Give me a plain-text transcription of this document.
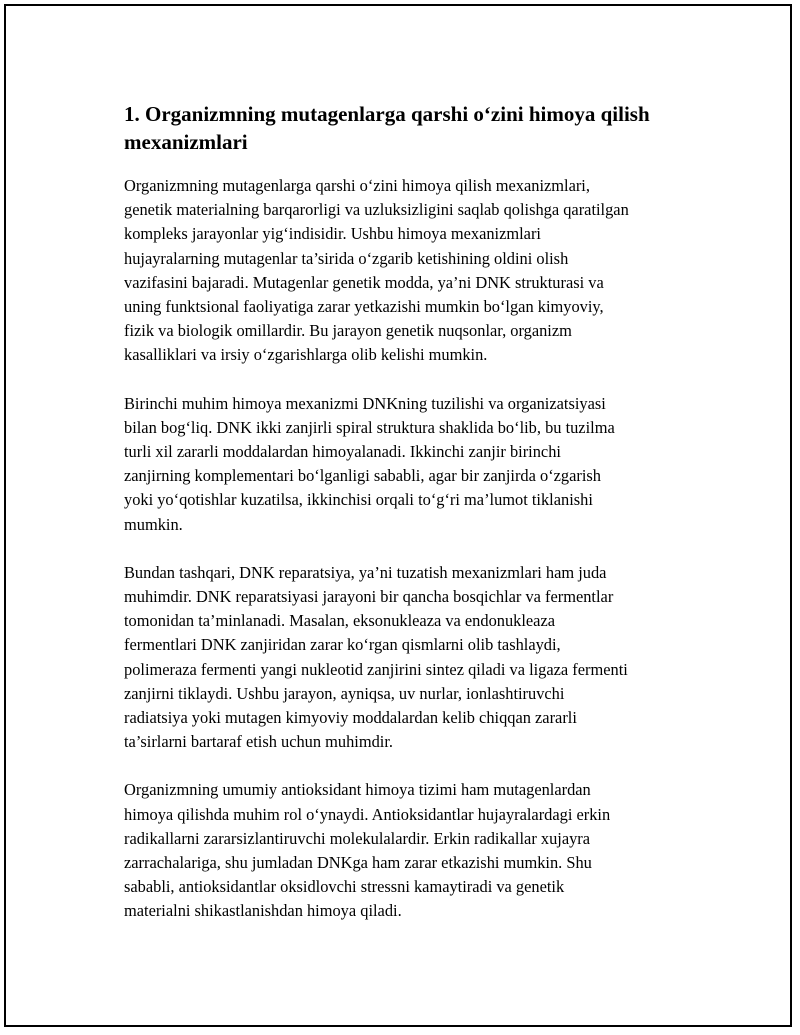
1. Organizmning mutagenlarga qarshi o‘zini himoya qilish mexanizmlari

Organizmning mutagenlarga qarshi o‘zini himoya qilish mexanizmlari,
genetik materialning barqarorligi va uzluksizligini saqlab qolishga qaratilgan
kompleks jarayonlar yig‘indisidir. Ushbu himoya mexanizmlari
hujayralarning mutagenlar ta’sirida o‘zgarib ketishining oldini olish
vazifasini bajaradi. Mutagenlar genetik modda, ya’ni DNK strukturasi va
uning funktsional faoliyatiga zarar yetkazishi mumkin bo‘lgan kimyoviy,
fizik va biologik omillardir. Bu jarayon genetik nuqsonlar, organizm
kasalliklari va irsiy o‘zgarishlarga olib kelishi mumkin.

Birinchi muhim himoya mexanizmi DNKning tuzilishi va organizatsiyasi
bilan bog‘liq. DNK ikki zanjirli spiral struktura shaklida bo‘lib, bu tuzilma
turli xil zararli moddalardan himoyalanadi. Ikkinchi zanjir birinchi
zanjirning komplementari bo‘lganligi sababli, agar bir zanjirda o‘zgarish
yoki yo‘qotishlar kuzatilsa, ikkinchisi orqali to‘g‘ri ma’lumot tiklanishi
mumkin.

Bundan tashqari, DNK reparatsiya, ya’ni tuzatish mexanizmlari ham juda
muhimdir. DNK reparatsiyasi jarayoni bir qancha bosqichlar va fermentlar
tomonidan ta’minlanadi. Masalan, eksonukleaza va endonukleaza
fermentlari DNK zanjiridan zarar ko‘rgan qismlarni olib tashlaydi,
polimeraza fermenti yangi nukleotid zanjirini sintez qiladi va ligaza fermenti
zanjirni tiklaydi. Ushbu jarayon, ayniqsa, uv nurlar, ionlashtiruvchi
radiatsiya yoki mutagen kimyoviy moddalardan kelib chiqqan zararli
ta’sirlarni bartaraf etish uchun muhimdir.

Organizmning umumiy antioksidant himoya tizimi ham mutagenlardan
himoya qilishda muhim rol o‘ynaydi. Antioksidantlar hujayralardagi erkin
radikallarni zararsizlantiruvchi molekulalardir. Erkin radikallar xujayra
zarrachalariga, shu jumladan DNKga ham zarar etkazishi mumkin. Shu
sababli, antioksidantlar oksidlovchi stressni kamaytiradi va genetik
materialni shikastlanishdan himoya qiladi.
